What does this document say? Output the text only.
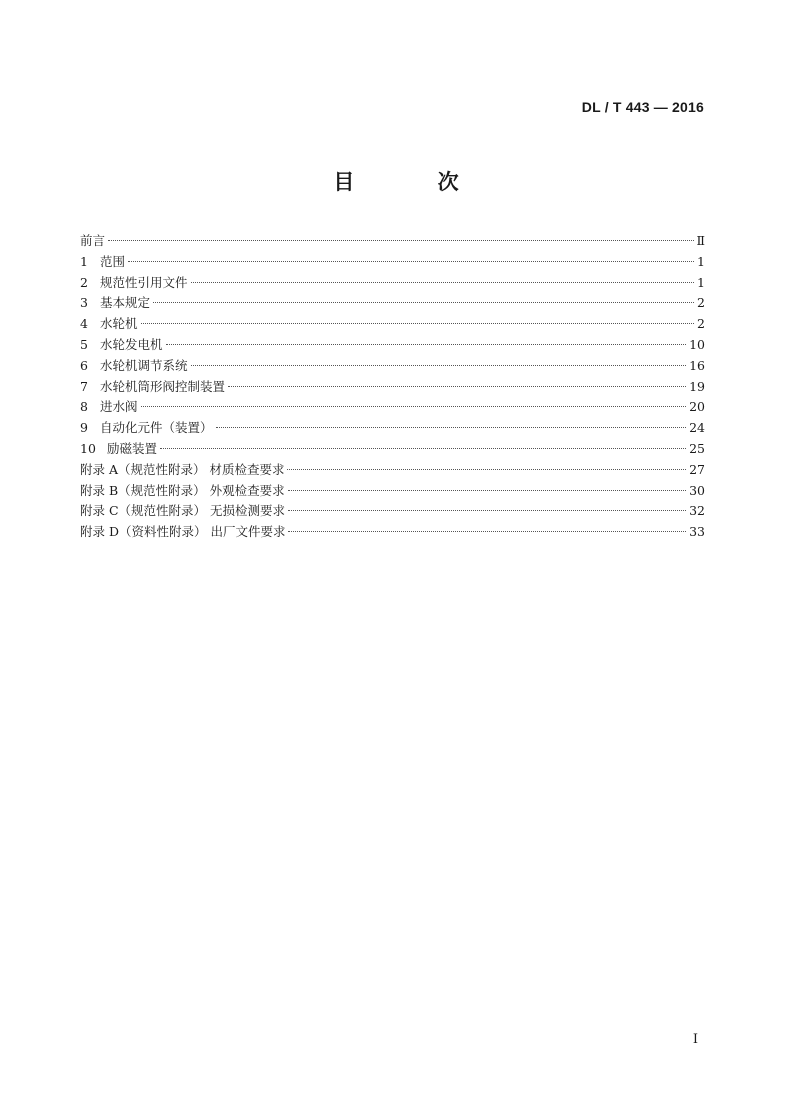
DL / T 443 — 2016
目 次
前言	Ⅱ
1 范围	1
2 规范性引用文件	1
3 基本规定	2
4 水轮机	2
5 水轮发电机	10
6 水轮机调节系统	16
7 水轮机筒形阀控制装置	19
8 进水阀	20
9 自动化元件（装置）	24
10 励磁装置	25
附录 A（规范性附录） 材质检查要求	27
附录 B（规范性附录） 外观检查要求	30
附录 C（规范性附录） 无损检测要求	32
附录 D（资料性附录） 出厂文件要求	33
I
